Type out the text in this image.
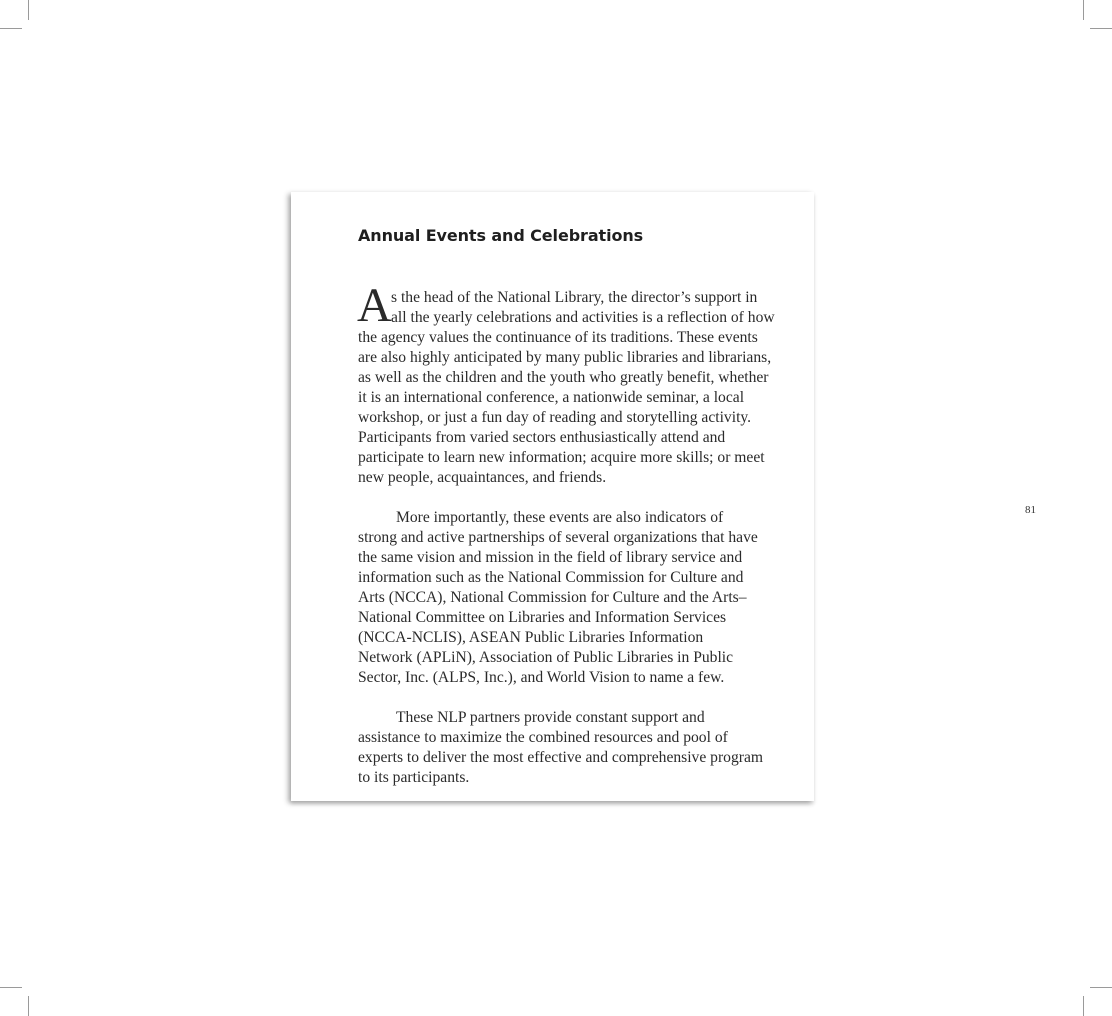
Annual Events and Celebrations
A s the head of the National Library, the director’s support in
all the yearly celebrations and activities is a reflection of how
the agency values the continuance of its traditions. These events
are also highly anticipated by many public libraries and librarians,
as well as the children and the youth who greatly benefit, whether
it is an international conference, a nationwide seminar, a local
workshop, or just a fun day of reading and storytelling activity.
Participants from varied sectors enthusiastically attend and
participate to learn new information; acquire more skills; or meet
new people, acquaintances, and friends.
More importantly, these events are also indicators of
strong and active partnerships of several organizations that have
the same vision and mission in the field of library service and
information such as the National Commission for Culture and
Arts (NCCA), National Commission for Culture and the Arts–
National Committee on Libraries and Information Services
(NCCA-NCLIS), ASEAN Public Libraries Information
Network (APLiN), Association of Public Libraries in Public
Sector, Inc. (ALPS, Inc.), and World Vision to name a few.
These NLP partners provide constant support and
assistance to maximize the combined resources and pool of
experts to deliver the most effective and comprehensive program
to its participants.
81
